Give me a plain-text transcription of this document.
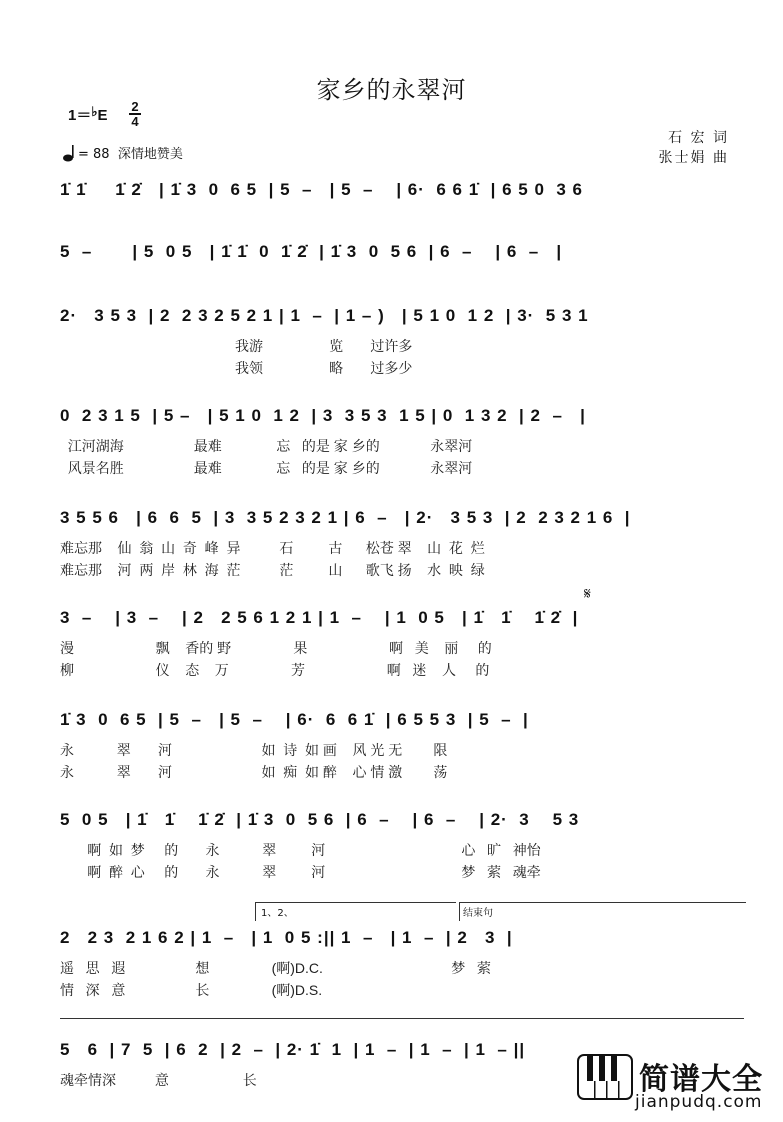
家乡的永翠河
1＝♭E
2
4
= 88 深情地赞美
石 宏 词
张士娟 曲
𝄋
1、2、	结束句
1̇ 1̇     1̇ 2̇   | 1̇ 3  0  6 5  | 5  –   | 5  –    | 6·  6 6 1̇  | 6 5 0  3 6
5  –       | 5  0 5   | 1̇ 1̇  0  1̇ 2̇  | 1̇ 3  0  5 6  | 6  –    | 6  –   |
2·   3 5 3  | 2  2 3 2 5 2 1 | 1  –  | 1 – )   | 5 1 0  1 2  | 3·  5 3 1
我游                 览       过许多
我领                 略       过多少
0  2 3 1 5  | 5 –   | 5 1 0  1 2  | 3  3 5 3  1 5 | 0  1 3 2  | 2  –   |
江河湖海                  最难              忘   的是 家 乡的             永翠河
风景名胜                  最难              忘   的是 家 乡的             永翠河
3 5 5 6   | 6  6  5  | 3  3 5 2 3 2 1 | 6  –   | 2·   3 5 3  | 2  2 3 2 1 6  |
难忘那    仙  翁  山  奇  峰  异          石         古      松苍 翠    山  花  烂
难忘那    河  两  岸  林  海  茫          茫         山      歌飞 扬    水  映  绿
3  –    | 3  –    | 2   2 5 6 1 2 1 | 1  –    | 1  0 5   | 1̇   1̇    1̇ 2̇  |
漫                     飘    香的 野                果                     啊   美    丽     的
柳                     仪    态    万                芳                     啊   迷    人     的
1̇ 3  0  6 5  | 5  –   | 5  –    | 6·  6  6 1̇  | 6 5 5 3  | 5  –  |
永           翠       河                       如  诗  如 画    风 光 无        限
永           翠       河                       如  痴  如 醉    心 情 激        荡
5  0 5   | 1̇   1̇    1̇ 2̇  | 1̇ 3  0  5 6  | 6  –    | 6  –    | 2·  3    5 3
啊  如  梦     的       永           翠         河                                   心   旷   神怡
啊  醉  心     的       永           翠         河                                   梦   萦   魂牵
2   2 3  2 1 6 2 | 1  –   | 1  0 5 :|| 1  –   | 1  –  | 2   3  |
遥   思   遐                  想                (啊)D.C.                                 梦   萦
情   深   意                  长                (啊)D.S.
5   6  | 7  5  | 6  2  | 2  –  | 2· 1̇  1  | 1  –  | 1  –  | 1  – ||
魂牵情深          意                   长	简谱大全
jianpudq.com
